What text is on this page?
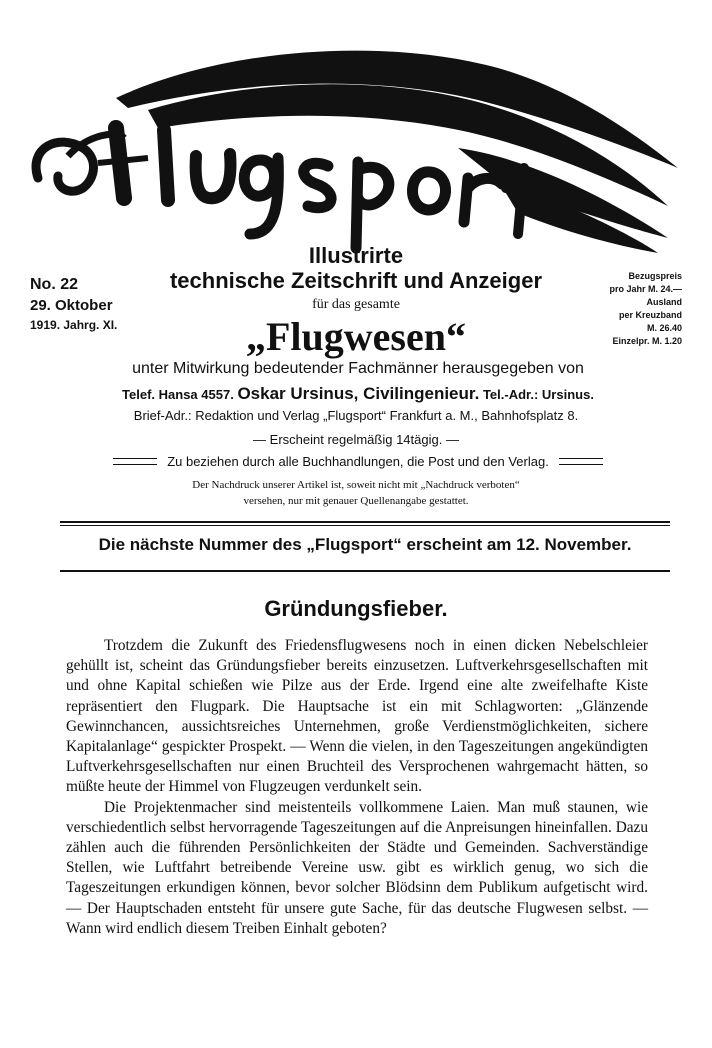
No. 22
29. Oktober
1919. Jahrg. XI.
Illustrirte
technische Zeitschrift und Anzeiger
für das gesamte
„Flugwesen“
Bezugspreis
pro Jahr M. 24.—
Ausland
per Kreuzband
M. 26.40
Einzelpr. M. 1.20
unter Mitwirkung bedeutender Fachmänner herausgegeben von
Telef. Hansa 4557. Oskar Ursinus, Civilingenieur. Tel.-Adr.: Ursinus.
Brief-Adr.: Redaktion und Verlag „Flugsport“ Frankfurt a. M., Bahnhofsplatz 8.
— Erscheint regelmäßig 14tägig. —
Zu beziehen durch alle Buchhandlungen, die Post und den Verlag.
Der Nachdruck unserer Artikel ist, soweit nicht mit „Nachdruck verboten“
versehen, nur mit genauer Quellenangabe gestattet.
Die nächste Nummer des „Flugsport“ erscheint am 12. November.
Gründungsfieber.

Trotzdem die Zukunft des Friedensflugwesens noch in einen dicken Nebelschleier gehüllt ist, scheint das Gründungsfieber bereits einzusetzen. Luftverkehrsgesellschaften mit und ohne Kapital schießen wie Pilze aus der Erde. Irgend eine alte zweifelhafte Kiste repräsentiert den Flugpark. Die Hauptsache ist ein mit Schlagworten: „Glänzende Gewinnchancen, aussichtsreiches Unternehmen, große Verdienstmöglichkeiten, sichere Kapitalanlage“ gespickter Prospekt. — Wenn die vielen, in den Tageszeitungen angekündigten Luftverkehrsgesellschaften nur einen Bruchteil des Versprochenen wahrgemacht hätten, so müßte heute der Himmel von Flugzeugen verdunkelt sein.

Die Projektenmacher sind meistenteils vollkommene Laien. Man muß staunen, wie verschiedentlich selbst hervorragende Tageszeitungen auf die Anpreisungen hineinfallen. Dazu zählen auch die führenden Persönlichkeiten der Städte und Gemeinden. Sachverständige Stellen, wie Luftfahrt betreibende Vereine usw. gibt es wirklich genug, wo sich die Tageszeitungen erkundigen können, bevor solcher Blödsinn dem Publikum aufgetischt wird. — Der Hauptschaden entsteht für unsere gute Sache, für das deutsche Flugwesen selbst. — Wann wird endlich diesem Treiben Einhalt geboten?
